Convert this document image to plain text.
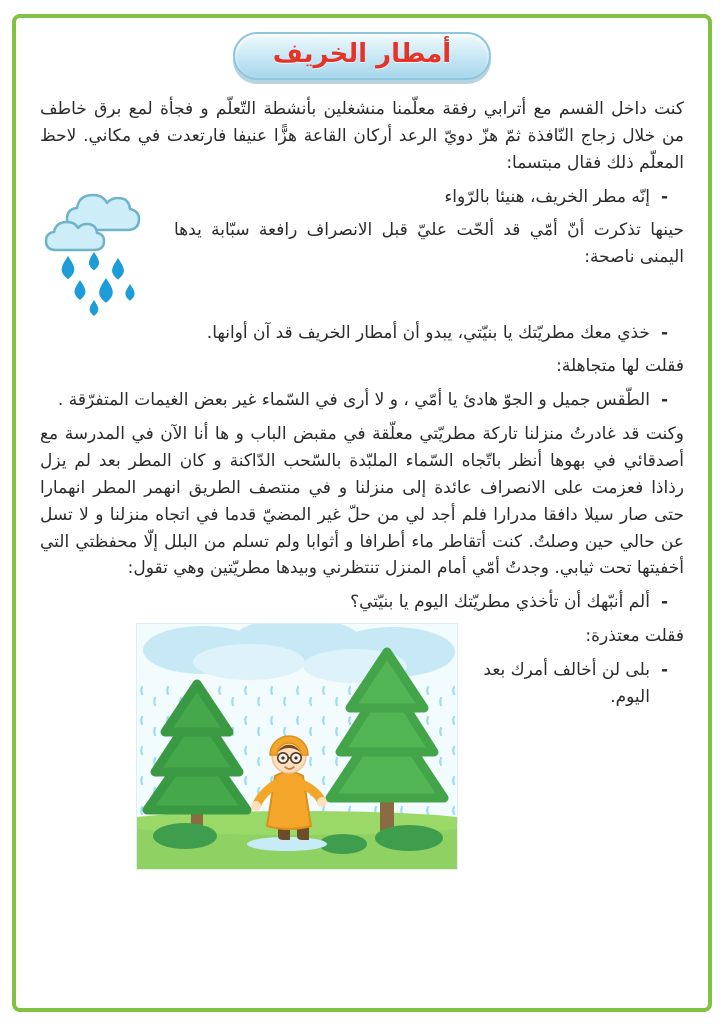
أمطار الخريف

كنت داخل القسم مع أترابي رفقة معلّمنا منشغلين بأنشطة التّعلّم و فجأة لمع برق خاطف من خلال زجاج النّافذة ثمّ هزّ دويّ الرعد أركان القاعة هزًّا عنيفا فارتعدت في مكاني. لاحظ المعلّم ذلك فقال مبتسما:

-
إنّه مطر الخريف، هنيئا بالرّواء

حينها تذكرت أنّ أمّي قد ألحّت عليّ قبل الانصراف رافعة سبّابة يدها اليمنى ناصحة:

-
خذي معك مطريّتك يا بنيّتي، يبدو أن أمطار الخريف قد آن أوانها.

فقلت لها متجاهلة:

-
الطّقس جميل و الجوّ هادئ يا أمّي ، و لا أرى في السّماء غير بعض الغيمات المتفرّقة .

وكنت قد غادرتُ منزلنا تاركة مطريّتي معلّقة في مقبض الباب و ها أنا الآن في المدرسة مع أصدقائي في بهوها أنظر باتّجاه السّماء الملبّدة بالسّحب الدّاكنة و كان المطر بعد لم يزل رذاذا فعزمت على الانصراف عائدة إلى منزلنا و في منتصف الطريق انهمر المطر انهمارا حتى صار سيلا دافقا مدرارا فلم أجد لي من حلّ غير المضيّ قدما في اتجاه منزلنا و لا تسل عن حالي حين وصلتُ. كنت أتقاطر ماء أطرافا و أثوابا ولم تسلم من البلل إلّا محفظتي التي أخفيتها تحت ثيابي. وجدتُ أمّي أمام المنزل تنتظرني وبيدها مطريّتين وهي تقول:

-
ألم أنبّهك أن تأخذي مطريّتك اليوم يا بنيّتي؟

فقلت معتذرة:

-
بلى لن أخالف أمرك بعد اليوم.
